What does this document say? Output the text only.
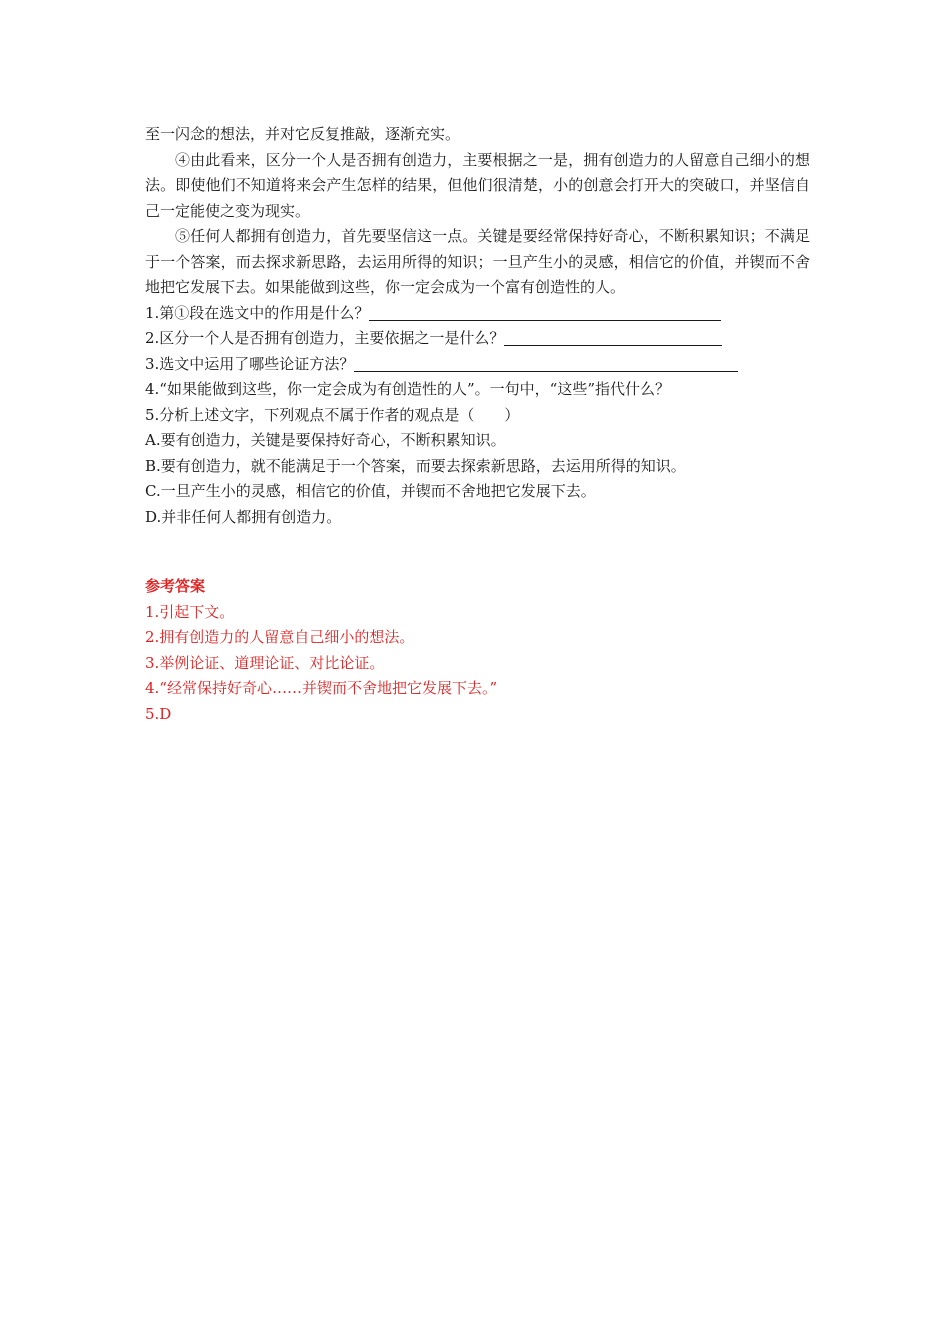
至一闪念的想法，并对它反复推敲，逐渐充实。
④由此看来，区分一个人是否拥有创造力，主要根据之一是，拥有创造力的人留意自己细小的想法。即使他们不知道将来会产生怎样的结果，但他们很清楚，小的创意会打开大的突破口，并坚信自己一定能使之变为现实。
⑤任何人都拥有创造力，首先要坚信这一点。关键是要经常保持好奇心，不断积累知识；不满足于一个答案，而去探求新思路，去运用所得的知识；一旦产生小的灵感，相信它的价值，并锲而不舍地把它发展下去。如果能做到这些，你一定会成为一个富有创造性的人。
1.第①段在选文中的作用是什么？
2.区分一个人是否拥有创造力，主要依据之一是什么？
3.选文中运用了哪些论证方法？
4.“如果能做到这些，你一定会成为有创造性的人”。一句中，“这些”指代什么？
5.分析上述文字，下列观点不属于作者的观点是（　　）
A.要有创造力，关键是要保持好奇心，不断积累知识。
B.要有创造力，就不能满足于一个答案，而要去探索新思路，去运用所得的知识。
C.一旦产生小的灵感，相信它的价值，并锲而不舍地把它发展下去。
D.并非任何人都拥有创造力。
参考答案
1.引起下文。
2.拥有创造力的人留意自己细小的想法。
3.举例论证、道理论证、对比论证。
4.“经常保持好奇心……并锲而不舍地把它发展下去。”
5.D
